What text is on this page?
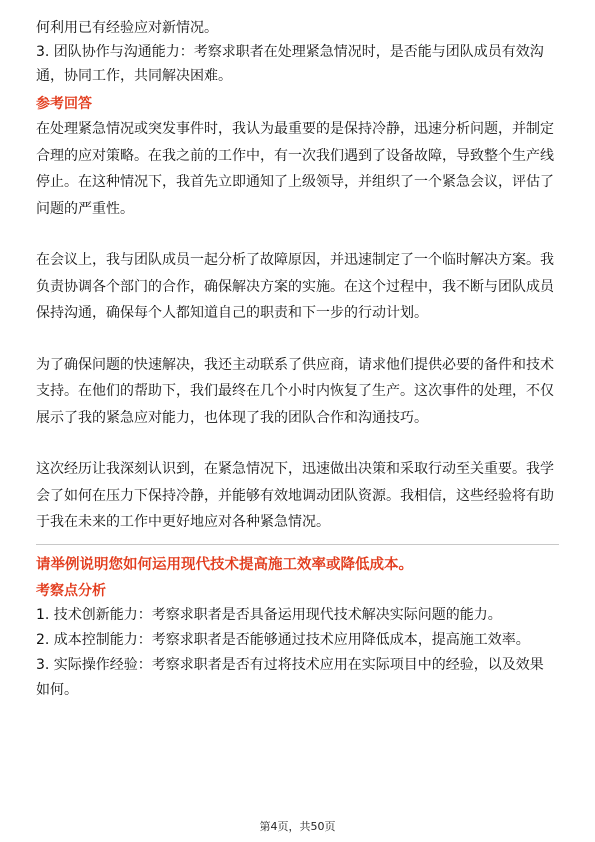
何利用已有经验应对新情况。
3. 团队协作与沟通能力：考察求职者在处理紧急情况时，是否能与团队成员有效沟
通，协同工作，共同解决困难。
参考回答

在处理紧急情况或突发事件时，我认为最重要的是保持冷静，迅速分析问题，并制定合理的应对策略。在我之前的工作中，有一次我们遇到了设备故障，导致整个生产线停止。在这种情况下，我首先立即通知了上级领导，并组织了一个紧急会议，评估了问题的严重性。

在会议上，我与团队成员一起分析了故障原因，并迅速制定了一个临时解决方案。我负责协调各个部门的合作，确保解决方案的实施。在这个过程中，我不断与团队成员保持沟通，确保每个人都知道自己的职责和下一步的行动计划。

为了确保问题的快速解决，我还主动联系了供应商，请求他们提供必要的备件和技术支持。在他们的帮助下，我们最终在几个小时内恢复了生产。这次事件的处理，不仅展示了我的紧急应对能力，也体现了我的团队合作和沟通技巧。

这次经历让我深刻认识到，在紧急情况下，迅速做出决策和采取行动至关重要。我学会了如何在压力下保持冷静，并能够有效地调动团队资源。我相信，这些经验将有助于我在未来的工作中更好地应对各种紧急情况。

请举例说明您如何运用现代技术提高施工效率或降低成本。
考察点分析
1. 技术创新能力：考察求职者是否具备运用现代技术解决实际问题的能力。
2. 成本控制能力：考察求职者是否能够通过技术应用降低成本，提高施工效率。
3. 实际操作经验：考察求职者是否有过将技术应用在实际项目中的经验，以及效果
如何。
第4页，共50页
